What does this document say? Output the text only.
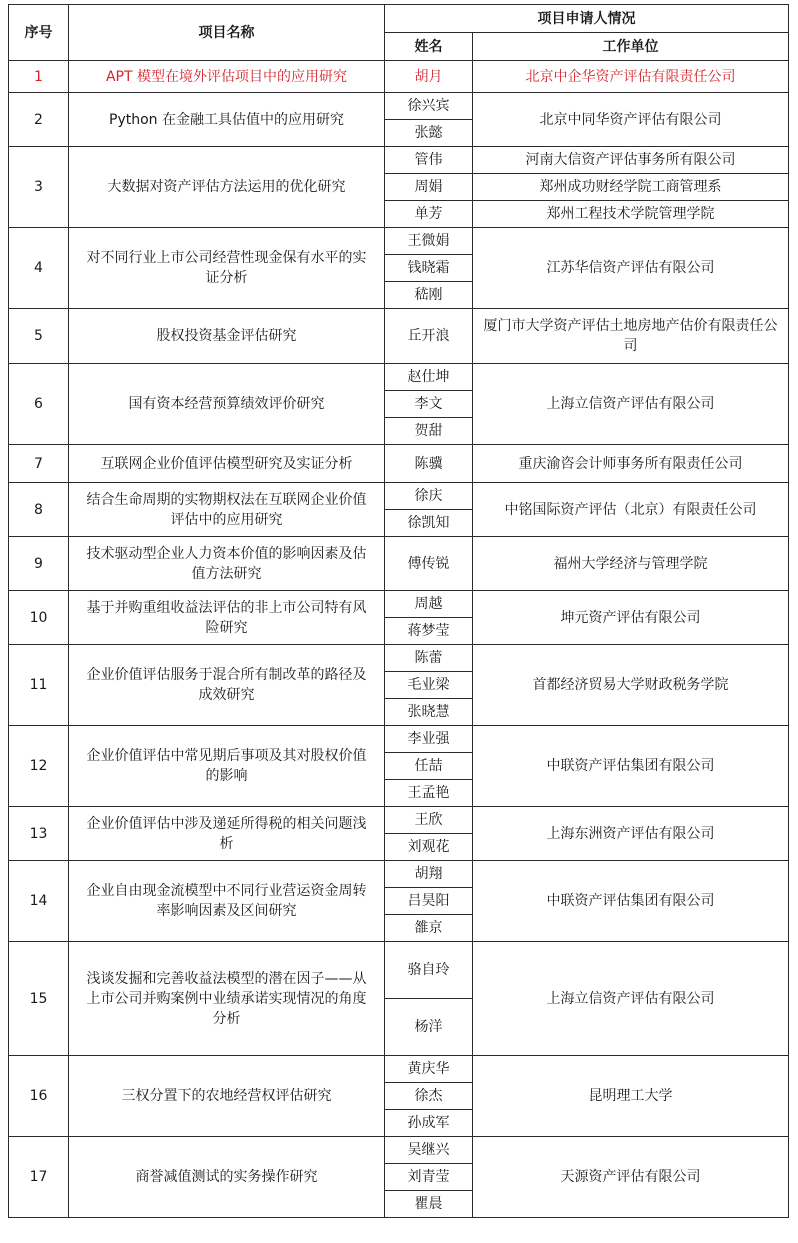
序号	项目名称	项目申请人情况	
		姓名	工作单位
1	APT 模型在境外评估项目中的应用研究	胡月	北京中企华资产评估有限责任公司
2	Python 在金融工具估值中的应用研究	徐兴宾	北京中同华资产评估有限公司
		张懿	
3	大数据对资产评估方法运用的优化研究	管伟	河南大信资产评估事务所有限公司
		周娟	郑州成功财经学院工商管理系
		单芳	郑州工程技术学院管理学院
4	对不同行业上市公司经营性现金保有水平的实证分析	王微娟	江苏华信资产评估有限公司
		钱晓霜	
		嵇刚	
5	股权投资基金评估研究	丘开浪	厦门市大学资产评估土地房地产估价有限责任公司
6	国有资本经营预算绩效评价研究	赵仕坤	上海立信资产评估有限公司
		李文	
		贺甜	
7	互联网企业价值评估模型研究及实证分析	陈骥	重庆渝咨会计师事务所有限责任公司
8	结合生命周期的实物期权法在互联网企业价值评估中的应用研究	徐庆	中铭国际资产评估（北京）有限责任公司
		徐凯知	
9	技术驱动型企业人力资本价值的影响因素及估值方法研究	傅传锐	福州大学经济与管理学院
10	基于并购重组收益法评估的非上市公司特有风险研究	周越	坤元资产评估有限公司
		蒋梦莹	
11	企业价值评估服务于混合所有制改革的路径及成效研究	陈蕾	首都经济贸易大学财政税务学院
		毛业梁	
		张晓慧	
12	企业价值评估中常见期后事项及其对股权价值的影响	李业强	中联资产评估集团有限公司
		任喆	
		王孟艳	
13	企业价值评估中涉及递延所得税的相关问题浅析	王欣	上海东洲资产评估有限公司
		刘观花	
14	企业自由现金流模型中不同行业营运资金周转率影响因素及区间研究	胡翔	中联资产评估集团有限公司
		吕昊阳	
		雒京	
15	浅谈发掘和完善收益法模型的潜在因子——从上市公司并购案例中业绩承诺实现情况的角度分析	骆自玲	上海立信资产评估有限公司
		杨洋	
16	三权分置下的农地经营权评估研究	黄庆华	昆明理工大学
		徐杰	
		孙成军	
17	商誉减值测试的实务操作研究	吴继兴	天源资产评估有限公司
		刘青莹	
		瞿晨	
